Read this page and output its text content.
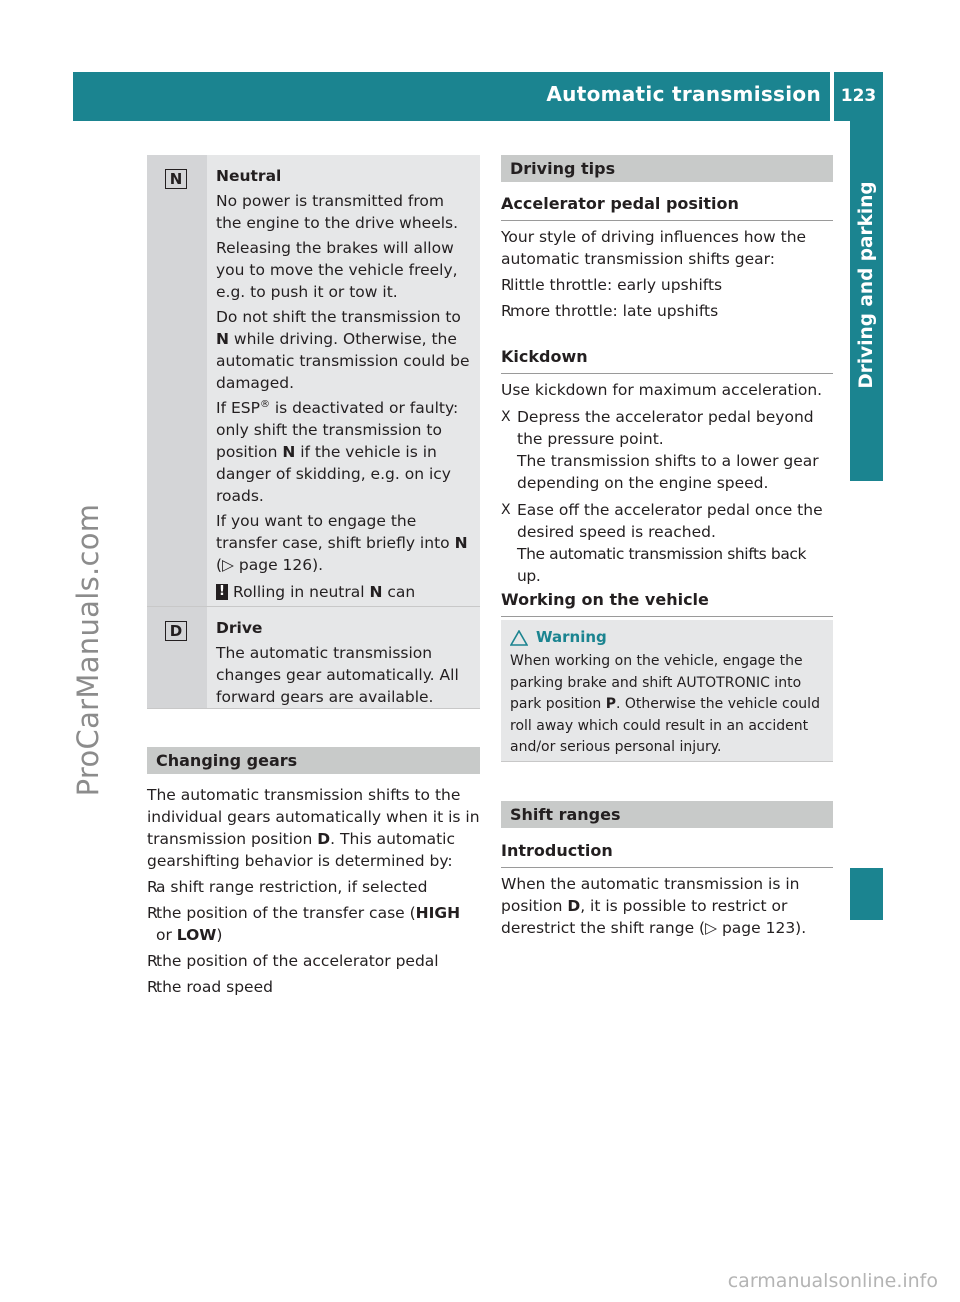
Automatic transmission	123
Driving and parking
ProCarManuals.com
carmanualsonline.info
N	Neutral

No power is transmitted from the engine to the drive wheels.

Releasing the brakes will allow you to move the vehicle freely, e.g. to push it or tow it.

Do not shift the transmission to N while driving. Otherwise, the automatic transmission could be damaged.

If ESP® is deactivated or faulty: only shift the transmission to position N if the vehicle is in danger of skidding, e.g. on icy roads.

If you want to engage the transfer case, shift briefly into N
(▷ page 126).

! Rolling in neutral N can
D	Drive

The automatic transmission changes gear automatically. All forward gears are available.

Changing gears

The automatic transmission shifts to the individual gears automatically when it is in transmission position D. This automatic gearshifting behavior is determined by:

R
a shift range restriction, if selected
R
the position of the transfer case (HIGH or LOW)
R
the position of the accelerator pedal
R
the road speed
Driving tips
Accelerator pedal position

Your style of driving influences how the automatic transmission shifts gear:

R
little throttle: early upshifts
R
more throttle: late upshifts
Kickdown

Use kickdown for maximum acceleration.

X Depress the accelerator pedal beyond the pressure point.
The transmission shifts to a lower gear depending on the engine speed.
X Ease off the accelerator pedal once the desired speed is reached.
The automatic transmission shifts back up.
Working on the vehicle
Warning
When working on the vehicle, engage the parking brake and shift AUTOTRONIC into park position P. Otherwise the vehicle could roll away which could result in an accident and/or serious personal injury.
Shift ranges
Introduction

When the automatic transmission is in position D, it is possible to restrict or derestrict the shift range (▷ page 123).
